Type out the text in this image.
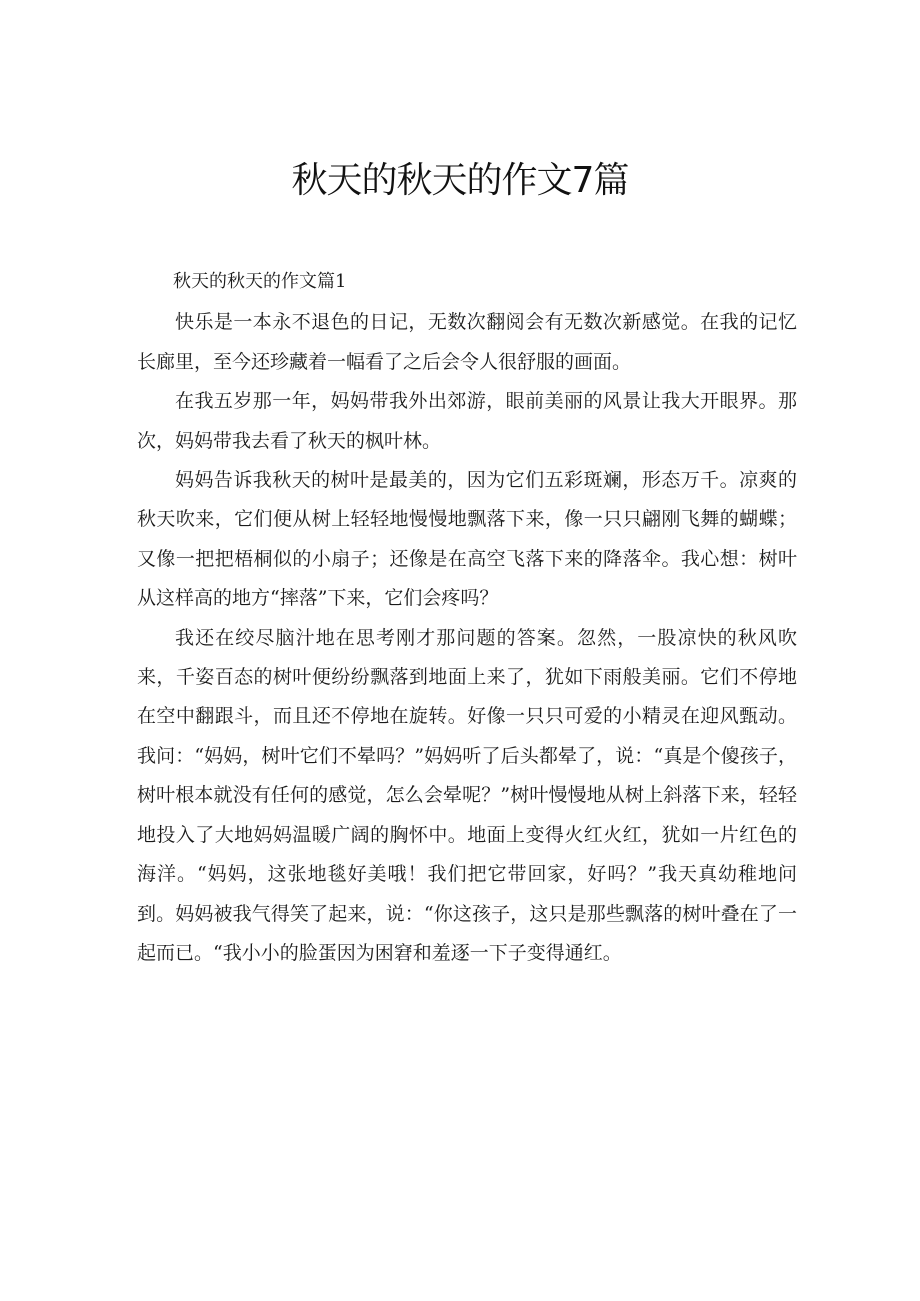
秋天的秋天的作文7篇

秋天的秋天的作文篇1

快乐是一本永不退色的日记，无数次翻阅会有无数次新感觉。在我的记忆长廊里，至今还珍藏着一幅看了之后会令人很舒服的画面。

在我五岁那一年，妈妈带我外出郊游，眼前美丽的风景让我大开眼界。那次，妈妈带我去看了秋天的枫叶林。

妈妈告诉我秋天的树叶是最美的，因为它们五彩斑斓，形态万千。凉爽的秋天吹来，它们便从树上轻轻地慢慢地飘落下来，像一只只翩刚飞舞的蝴蝶；又像一把把梧桐似的小扇子；还像是在高空飞落下来的降落伞。我心想：树叶从这样高的地方“摔落”下来，它们会疼吗？

我还在绞尽脑汁地在思考刚才那问题的答案。忽然，一股凉快的秋风吹来，千姿百态的树叶便纷纷飘落到地面上来了，犹如下雨般美丽。它们不停地在空中翻跟斗，而且还不停地在旋转。好像一只只可爱的小精灵在迎风甄动。我问：“妈妈，树叶它们不晕吗？”妈妈听了后头都晕了，说：“真是个傻孩子，树叶根本就没有任何的感觉，怎么会晕呢？”树叶慢慢地从树上斜落下来，轻轻地投入了大地妈妈温暖广阔的胸怀中。地面上变得火红火红，犹如一片红色的海洋。“妈妈，这张地毯好美哦！我们把它带回家，好吗？”我天真幼稚地问到。妈妈被我气得笑了起来，说：“你这孩子，这只是那些飘落的树叶叠在了一起而已。“我小小的脸蛋因为困窘和羞逐一下子变得通红。
